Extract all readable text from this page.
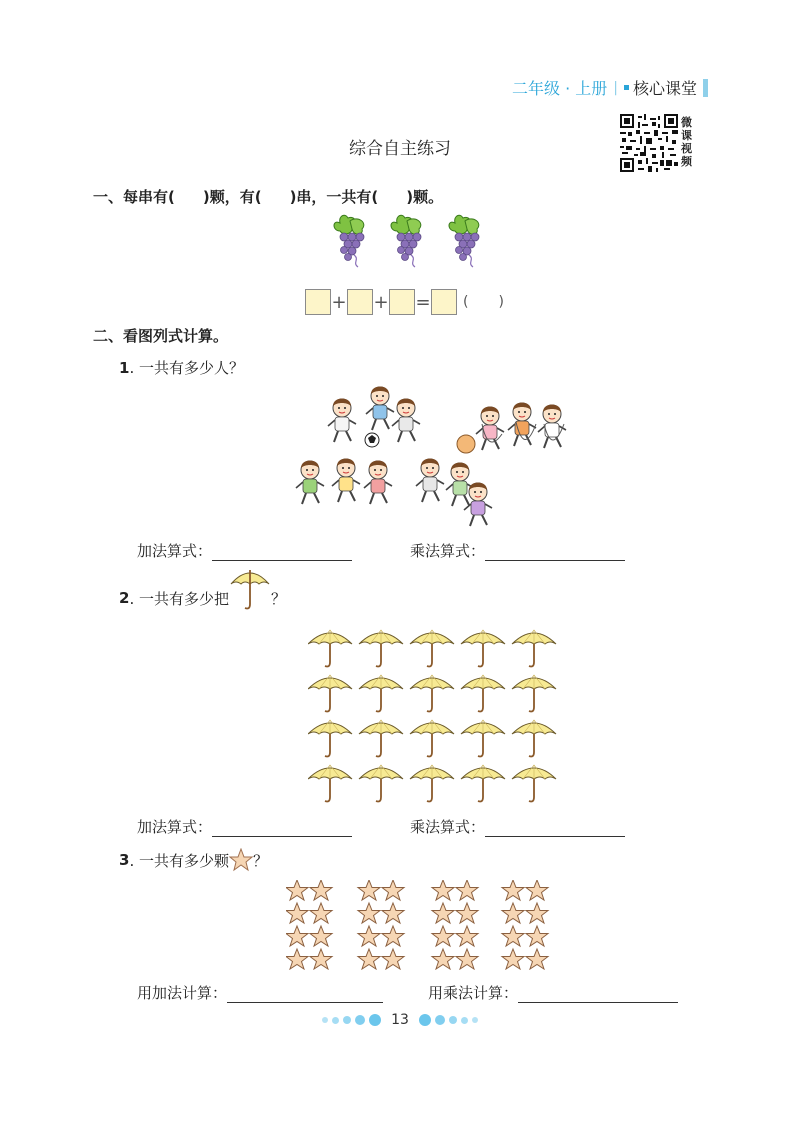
二年级 · 上册 | 核心课堂
微课视频
综合自主练习
一、每串有( )颗，有( )串，一共有( )颗。
+ + = ( )
二、看图列式计算。
1 . 一共有多少人？
加法算式：	乘法算式：
2 . 一共有多少把	？
加法算式：	乘法算式：
3 . 一共有多少颗 ？
用加法计算：	用乘法计算：
13
